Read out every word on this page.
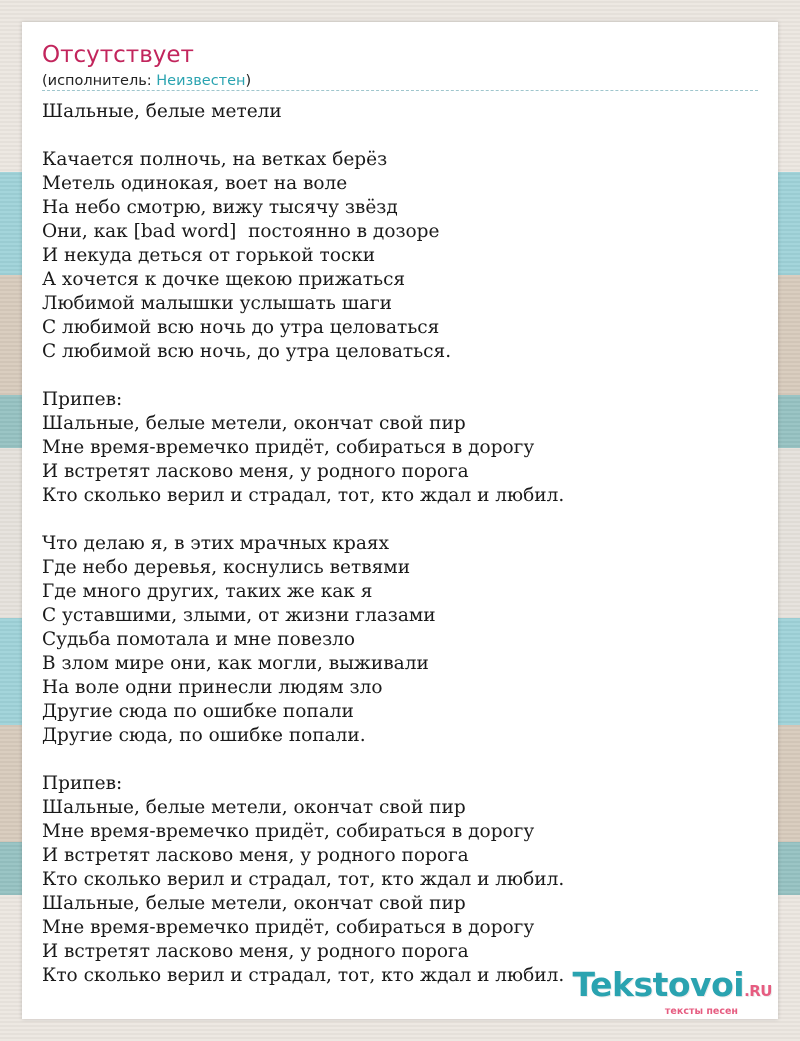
Отсутствует
(исполнитель: Неизвестен)
Шальные, белые метели
Качается полночь, на ветках берёз
Метель одинокая, воет на воле
На небо смотрю, вижу тысячу звёзд
Они, как [bad word]  постоянно в дозоре
И некуда деться от горькой тоски
А хочется к дочке щекою прижаться
Любимой малышки услышать шаги
С любимой всю ночь до утра целоваться
С любимой всю ночь, до утра целоваться.
Припев:
Шальные, белые метели, окончат свой пир
Мне время-времечко придёт, собираться в дорогу
И встретят ласково меня, у родного порога
Кто сколько верил и страдал, тот, кто ждал и любил.
Что делаю я, в этих мрачных краях
Где небо деревья, коснулись ветвями
Где много других, таких же как я
С уставшими, злыми, от жизни глазами
Судьба помотала и мне повезло
В злом мире они, как могли, выживали
На воле одни принесли людям зло
Другие сюда по ошибке попали
Другие сюда, по ошибке попали.
Припев:
Шальные, белые метели, окончат свой пир
Мне время-времечко придёт, собираться в дорогу
И встретят ласково меня, у родного порога
Кто сколько верил и страдал, тот, кто ждал и любил.
Шальные, белые метели, окончат свой пир
Мне время-времечко придёт, собираться в дорогу
И встретят ласково меня, у родного порога
Кто сколько верил и страдал, тот, кто ждал и любил. Tekstovoi.RU
тексты песен
